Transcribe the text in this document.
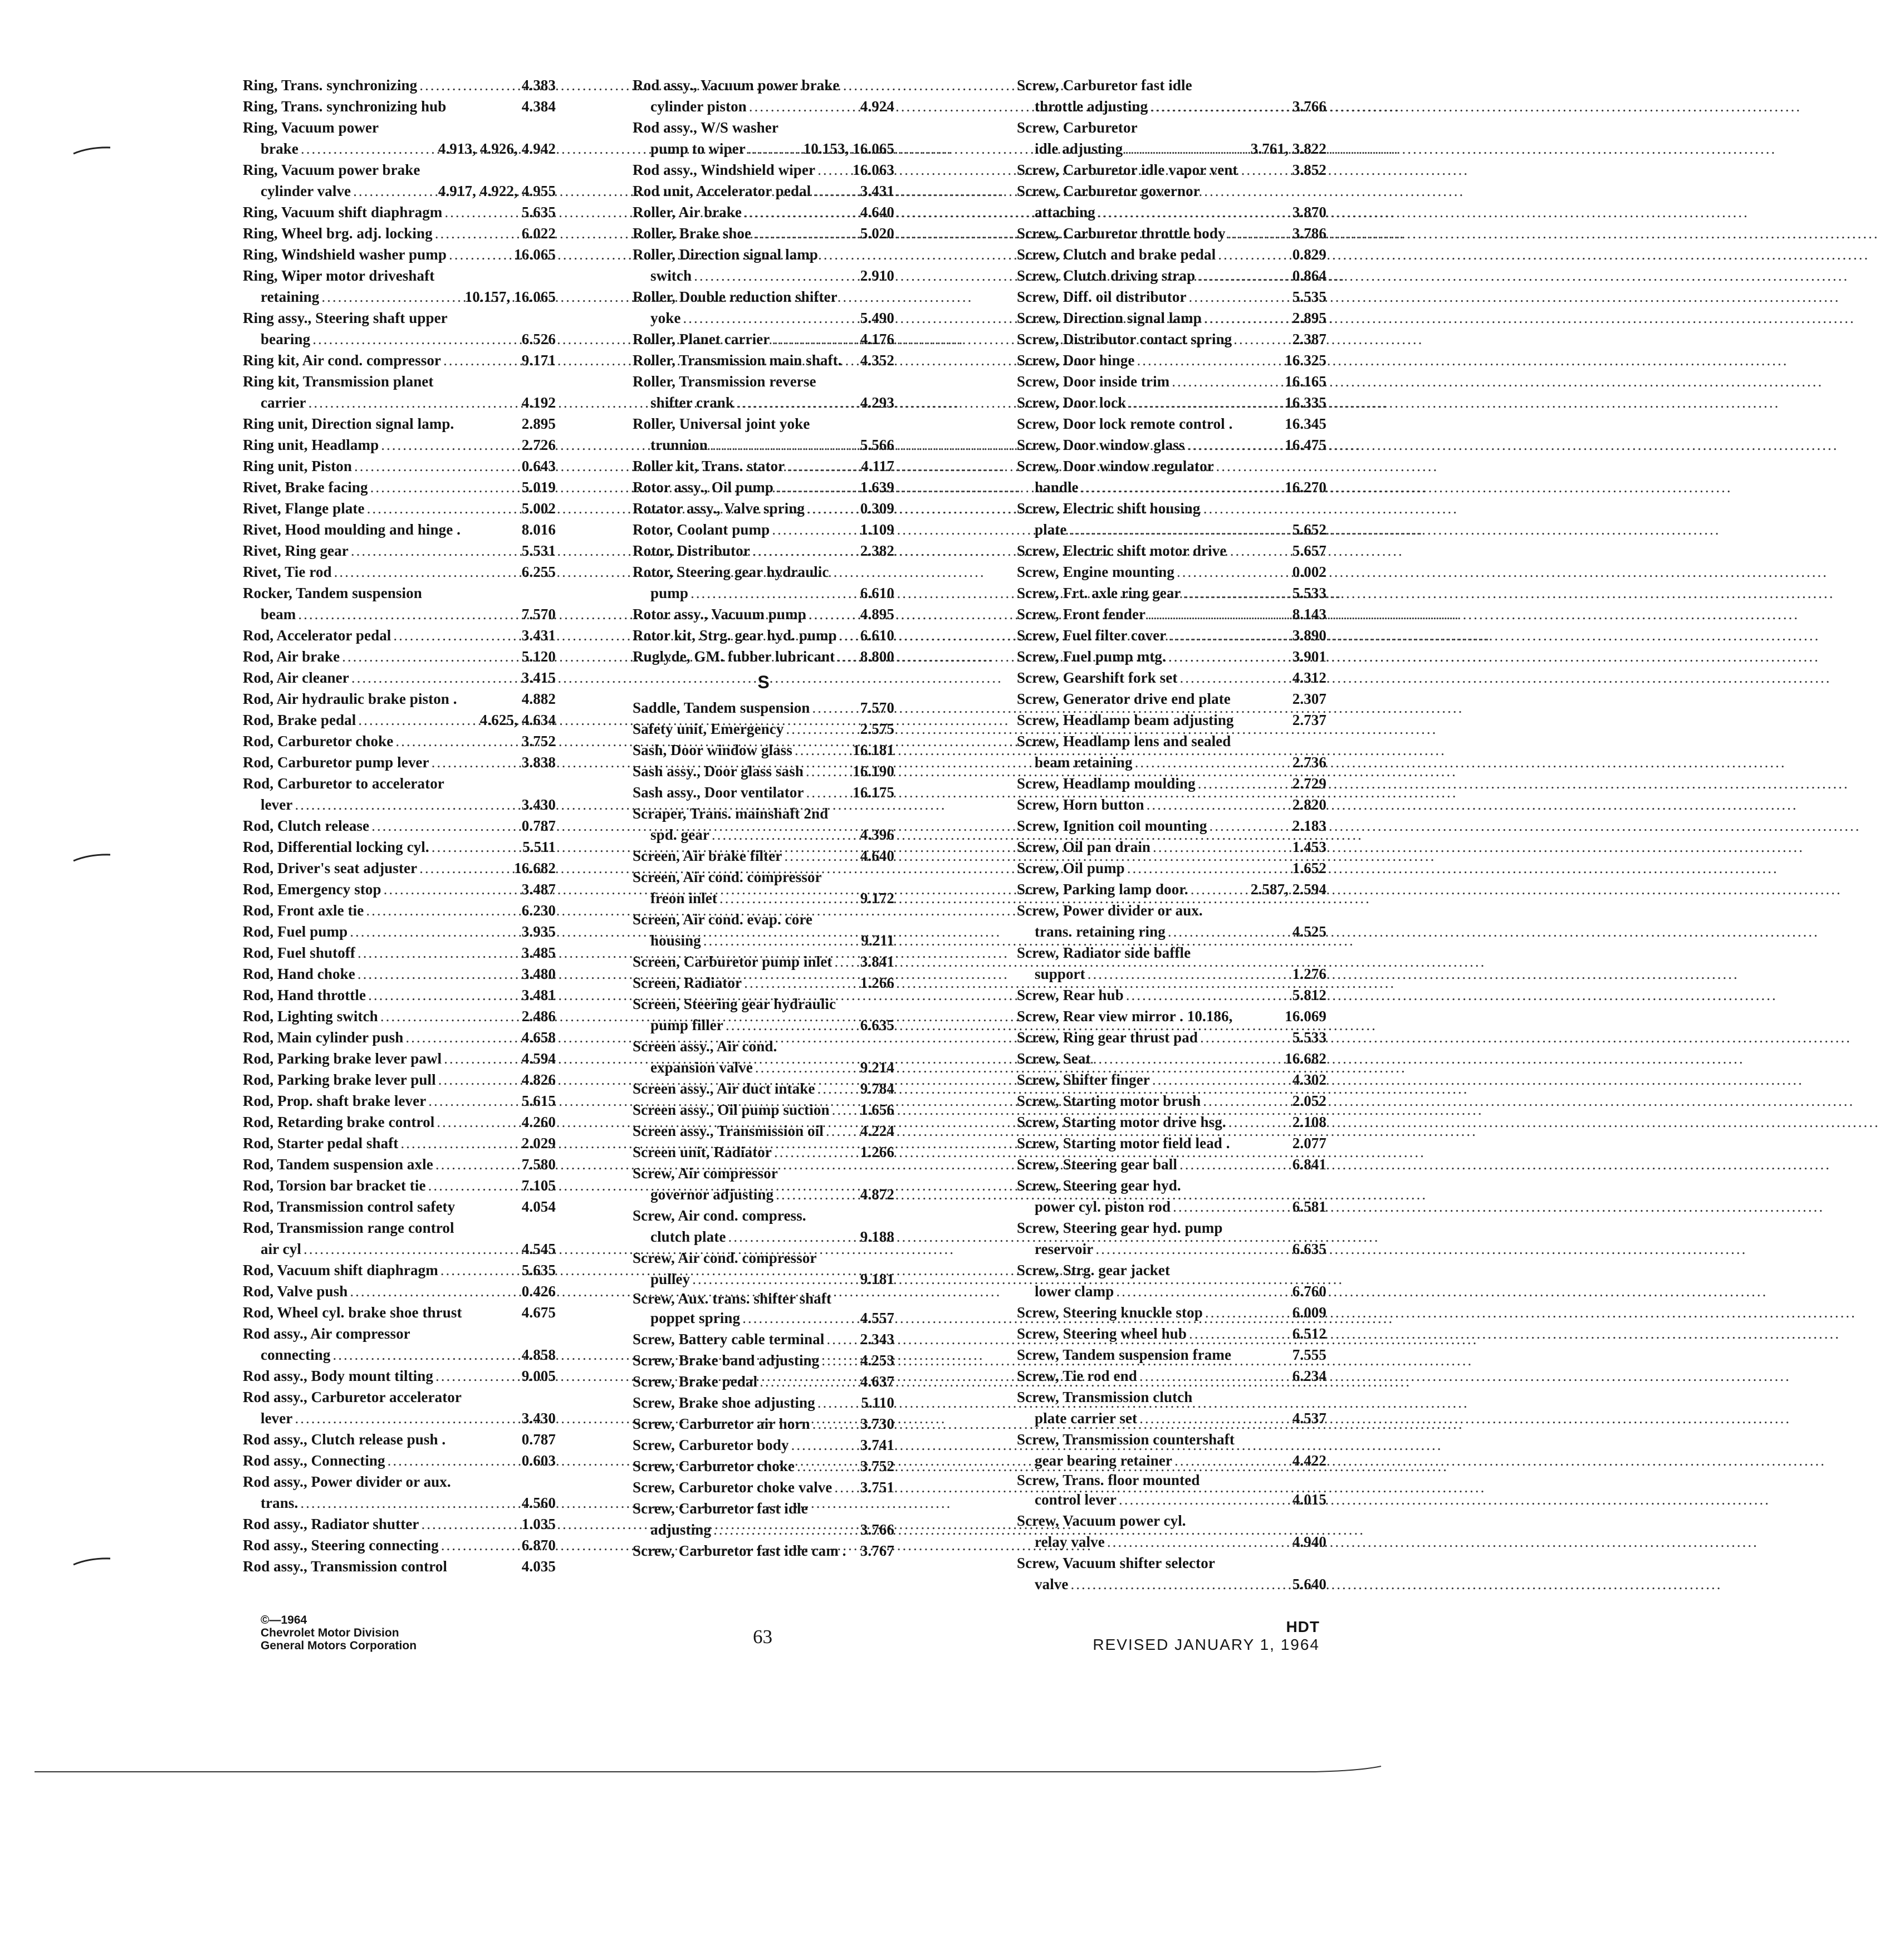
Ring, Trans. synchronizing .....	4.383
Ring, Trans. synchronizing hub	4.384
Ring, Vacuum power
brake .....	4.913, 4.926, 4.942
Ring, Vacuum power brake
cylinder valve .....	4.917, 4.922, 4.955
Ring, Vacuum shift diaphragm .....	5.635
Ring, Wheel brg. adj. locking .....	6.022
Ring, Windshield washer pump .....	16.065
Ring, Wiper motor driveshaft
retaining .....	10.157, 16.065
Ring assy., Steering shaft upper
bearing .....	6.526
Ring kit, Air cond. compressor .....	9.171
Ring kit, Transmission planet
carrier .....	4.192
Ring unit, Direction signal lamp.	2.895
Ring unit, Headlamp .....	2.726
Ring unit, Piston .....	0.643
Rivet, Brake facing .....	5.019
Rivet, Flange plate .....	5.002
Rivet, Hood moulding and hinge .	8.016
Rivet, Ring gear .....	5.531
Rivet, Tie rod .....	6.255
Rocker, Tandem suspension
beam .....	7.570
Rod, Accelerator pedal .....	3.431
Rod, Air brake .....	5.120
Rod, Air cleaner .....	3.415
Rod, Air hydraulic brake piston .	4.882
Rod, Brake pedal .....	4.625, 4.634
Rod, Carburetor choke .....	3.752
Rod, Carburetor pump lever .....	3.838
Rod, Carburetor to accelerator
lever .....	3.430
Rod, Clutch release .....	0.787
Rod, Differential locking cyl. .....	5.511
Rod, Driver's seat adjuster .....	16.682
Rod, Emergency stop .....	3.487
Rod, Front axle tie .....	6.230
Rod, Fuel pump .....	3.935
Rod, Fuel shutoff .....	3.485
Rod, Hand choke .....	3.480
Rod, Hand throttle .....	3.481
Rod, Lighting switch .....	2.486
Rod, Main cylinder push .....	4.658
Rod, Parking brake lever pawl .....	4.594
Rod, Parking brake lever pull .....	4.826
Rod, Prop. shaft brake lever .....	5.615
Rod, Retarding brake control .....	4.260
Rod, Starter pedal shaft .....	2.029
Rod, Tandem suspension axle .....	7.580
Rod, Torsion bar bracket tie .....	7.105
Rod, Transmission control safety	4.054
Rod, Transmission range control
air cyl .....	4.545
Rod, Vacuum shift diaphragm .....	5.635
Rod, Valve push .....	0.426
Rod, Wheel cyl. brake shoe thrust	4.675
Rod assy., Air compressor
connecting .....	4.858
Rod assy., Body mount tilting .....	9.005
Rod assy., Carburetor accelerator
lever .....	3.430
Rod assy., Clutch release push .	0.787
Rod assy., Connecting .....	0.603
Rod assy., Power divider or aux.
trans. .....	4.560
Rod assy., Radiator shutter .....	1.035
Rod assy., Steering connecting .....	6.870
Rod assy., Transmission control	4.035
Rod assy., Vacuum power brake
cylinder piston .....	4.924
Rod assy., W/S washer
pump to wiper .....	10.153, 16.065
Rod assy., Windshield wiper ..... 16.063
Rod unit, Accelerator pedal .....	3.431
Roller, Air brake .....	4.640
Roller, Brake shoe .....	5.020
Roller, Direction signal lamp
switch .....	2.910
Roller, Double reduction shifter
yoke .....	5.490
Roller, Planet carrier .....	4.176
Roller, Transmission main shaft.	4.352
Roller, Transmission reverse
shifter crank .....	4.293
Roller, Universal joint yoke
trunnion .....	5.566
Roller kit, Trans. stator .....	4.117
Rotor assy., Oil pump .....	1.639
Rotator assy., Valve spring .....	0.309
Rotor, Coolant pump .....	1.109
Rotor, Distributor .....	2.382
Rotor, Steering gear hydraulic
pump .....	6.610
Rotor assy., Vacuum pump .....	4.895
Rotor kit, Strg. gear hyd. pump ..... 6.610
Ruglyde, GM. fubber lubricant ..... 8.800
S
Saddle, Tandem suspension .....	7.570
Safety unit, Emergency .....	2.575
Sash, Door window glass .....	16.181
Sash assy., Door glass sash .....	16.190
Sash assy., Door ventilator .....	16.175
Scraper, Trans. mainshaft 2nd
spd. gear .....	4.396
Screen, Air brake filter .....	4.640
Screen, Air cond. compressor
freon inlet .....	9.172
Screen, Air cond. evap. core
housing .....	9.211
Screen, Carburetor pump inlet ..... 3.841
Screen, Radiator .....	1.266
Screen, Steering gear hydraulic
pump filler .....	6.635
Screen assy., Air cond.
expansion valve .....	9.214
Screen assy., Air duct intake .....	9.784
Screen assy., Oil pump suction ..... 1.656
Screen assy., Transmission oil ..... 4.224
Screen unit, Radiator .....	1.266
Screw, Air compressor
governor adjusting .....	4.872
Screw, Air cond. compress.
clutch plate .....	9.188
Screw, Air cond. compressor
pulley .....	9.181
Screw, Aux. trans. shifter shaft
poppet spring .....	4.557
Screw, Battery cable terminal ..... 2.343
Screw, Brake band adjusting .....	4.253
Screw, Brake pedal .....	4.637
Screw, Brake shoe adjusting .....	5.110
Screw, Carburetor air horn .....	3.730
Screw, Carburetor body .....	3.741
Screw, Carburetor choke .....	3.752
Screw, Carburetor choke valve ..... 3.751
Screw, Carburetor fast idle
adjusting .....	3.766
Screw, Carburetor fast idle cam . 3.767
Screw, Carburetor fast idle
throttle adjusting .....	3.766
Screw, Carburetor
idle adjusting .....	3.761, 3.822
Screw, Carburetor idle vapor vent	3.852
Screw, Carburetor governor
attaching .....	3.870
Screw, Carburetor throttle body .....	3.786
Screw, Clutch and brake pedal .....	0.829
Screw, Clutch driving strap .....	0.864
Screw, Diff. oil distributor .....	5.535
Screw, Direction signal lamp .....	2.895
Screw, Distributor contact spring	2.387
Screw, Door hinge .....	16.325
Screw, Door inside trim .....	16.165
Screw, Door lock .....	16.335
Screw, Door lock remote control .	16.345
Screw, Door window glass .....	16.475
Screw, Door window regulator
handle .....	16.270
Screw, Electric shift housing
plate .....	5.652
Screw, Electric shift motor drive	5.657
Screw, Engine mounting .....	0.002
Screw, Frt. axle ring gear .....	5.533
Screw, Front fender .....	8.143
Screw, Fuel filter cover .....	3.890
Screw, Fuel pump mtg. .....	3.901
Screw, Gearshift fork set .....	4.312
Screw, Generator drive end plate	2.307
Screw, Headlamp beam adjusting	2.737
Screw, Headlamp lens and sealed
beam retaining .....	2.736
Screw, Headlamp moulding .....	2.729
Screw, Horn button .....	2.820
Screw, Ignition coil mounting .....	2.183
Screw, Oil pan drain .....	1.453
Screw, Oil pump .....	1.652
Screw, Parking lamp door. .....	2.587, 2.594
Screw, Power divider or aux.
trans. retaining ring .....	4.525
Screw, Radiator side baffle
support .....	1.276
Screw, Rear hub .....	5.812
Screw, Rear view mirror . 10.186,	16.069
Screw, Ring gear thrust pad .....	5.533
Screw, Seat .....	16.682
Screw, Shifter finger .....	4.302
Screw, Starting motor brush .....	2.052
Screw, Starting motor drive hsg. .....	2.108
Screw, Starting motor field lead .	2.077
Screw, Steering gear ball .....	6.841
Screw, Steering gear hyd.
power cyl. piston rod .....	6.581
Screw, Steering gear hyd. pump
reservoir .....	6.635
Screw, Strg. gear jacket
lower clamp .....	6.760
Screw, Steering knuckle stop .....	6.009
Screw, Steering wheel hub .....	6.512
Screw, Tandem suspension frame	7.555
Screw, Tie rod end .....	6.234
Screw, Transmission clutch
plate carrier set .....	4.537
Screw, Transmission countershaft
gear bearing retainer .....	4.422
Screw, Trans. floor mounted
control lever .....	4.015
Screw, Vacuum power cyl.
relay valve .....	4.940
Screw, Vacuum shifter selector
valve .....	5.640
©—1964
Chevrolet Motor Division
General Motors Corporation	63	HDT
REVISED JANUARY 1, 1964
